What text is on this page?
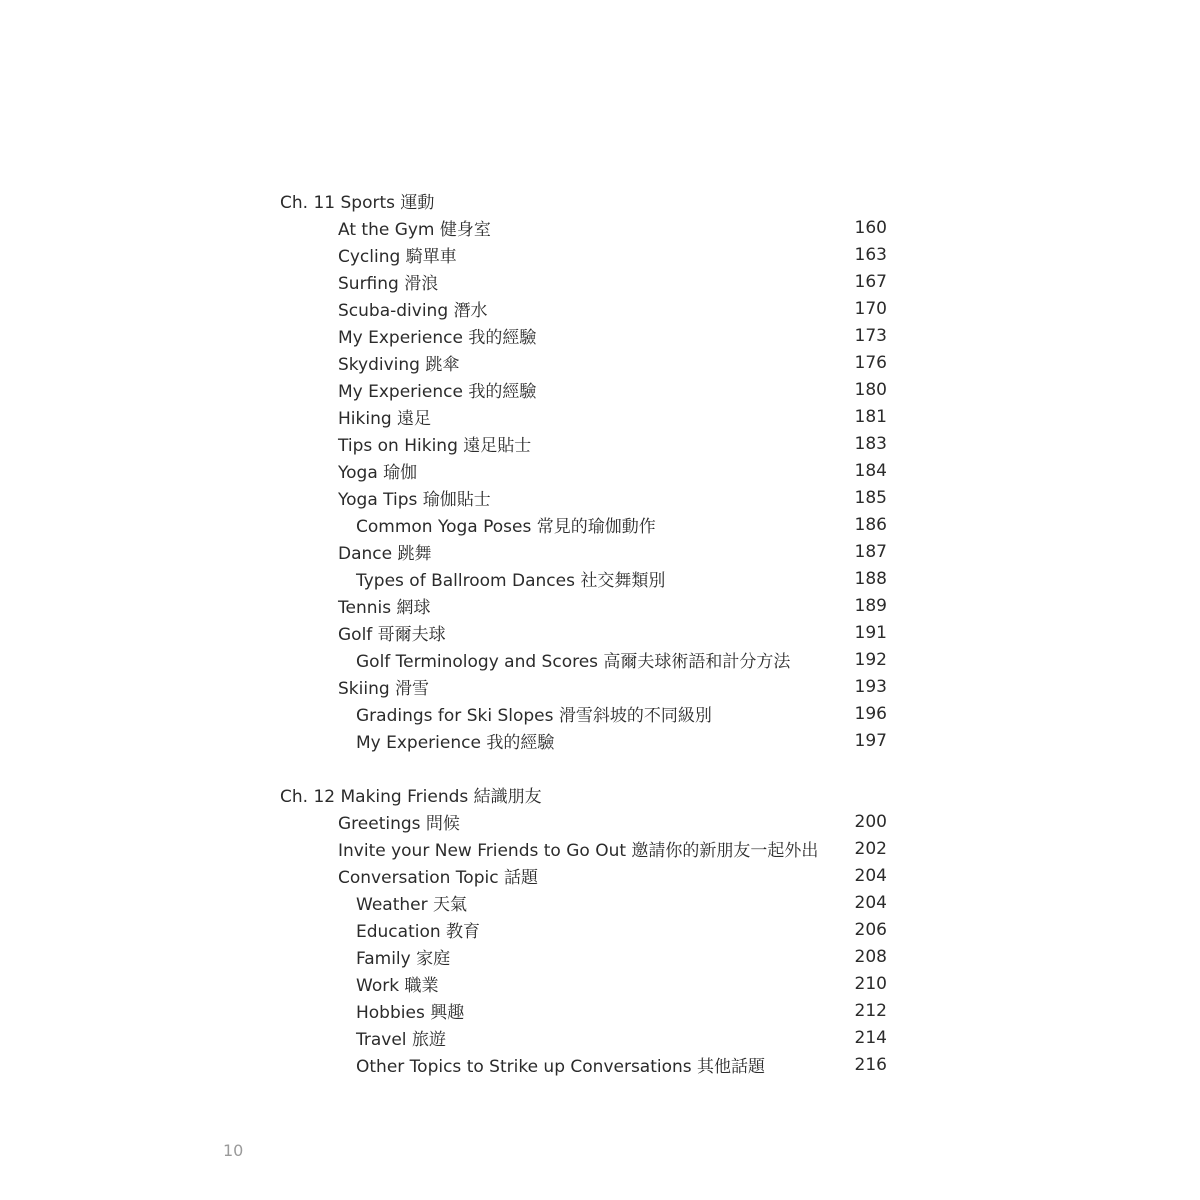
Ch. 11 Sports 運動
At the Gym 健身室	160
Cycling 騎單車	163
Surfing 滑浪	167
Scuba-diving 潛水	170
My Experience 我的經驗	173
Skydiving 跳傘	176
My Experience 我的經驗	180
Hiking 遠足	181
Tips on Hiking 遠足貼士	183
Yoga 瑜伽	184
Yoga Tips 瑜伽貼士	185
Common Yoga Poses 常見的瑜伽動作	186
Dance 跳舞	187
Types of Ballroom Dances 社交舞類別	188
Tennis 網球	189
Golf 哥爾夫球	191
Golf Terminology and Scores 高爾夫球術語和計分方法	192
Skiing 滑雪	193
Gradings for Ski Slopes 滑雪斜坡的不同級別	196
My Experience 我的經驗	197
Ch. 12 Making Friends 結識朋友
Greetings 問候	200
Invite your New Friends to Go Out 邀請你的新朋友一起外出	202
Conversation Topic 話題	204
Weather 天氣	204
Education 教育	206
Family 家庭	208
Work 職業	210
Hobbies 興趣	212
Travel 旅遊	214
Other Topics to Strike up Conversations 其他話題	216
10
